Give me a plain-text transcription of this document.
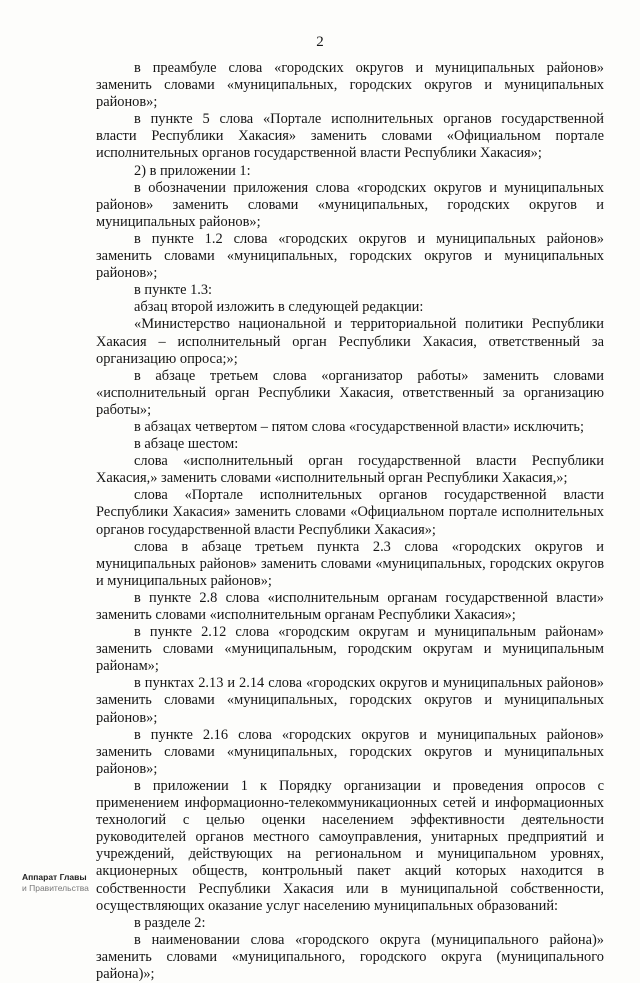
2

в преамбуле слова «городских округов и муниципальных районов» заменить словами «муниципальных, городских округов и муниципальных районов»;

в пункте 5 слова «Портале исполнительных органов государственной власти Республики Хакасия» заменить словами «Официальном портале исполнительных органов государственной власти Республики Хакасия»;

2) в приложении 1:

в обозначении приложения слова «городских округов и муниципальных районов» заменить словами «муниципальных, городских округов и муниципальных районов»;

в пункте 1.2 слова «городских округов и муниципальных районов» заменить словами «муниципальных, городских округов и муниципальных районов»;

в пункте 1.3:

абзац второй изложить в следующей редакции:

«Министерство национальной и территориальной политики Республики Хакасия – исполнительный орган Республики Хакасия, ответственный за организацию опроса;»;

в абзаце третьем слова «организатор работы» заменить словами «исполнительный орган Республики Хакасия, ответственный за организацию работы»;

в абзацах четвертом – пятом слова «государственной власти» исключить;

в абзаце шестом:

слова «исполнительный орган государственной власти Республики Хакасия,» заменить словами «исполнительный орган Республики Хакасия,»;

слова «Портале исполнительных органов государственной власти Республики Хакасия» заменить словами «Официальном портале исполнительных органов государственной власти Республики Хакасия»;

слова в абзаце третьем пункта 2.3 слова «городских округов и муниципальных районов» заменить словами «муниципальных, городских округов и муниципальных районов»;

в пункте 2.8 слова «исполнительным органам государственной власти» заменить словами «исполнительным органам Республики Хакасия»;

в пункте 2.12 слова «городским округам и муниципальным районам» заменить словами «муниципальным, городским округам и муниципальным районам»;

в пунктах 2.13 и 2.14 слова «городских округов и муниципальных районов» заменить словами «муниципальных, городских округов и муниципальных районов»;

в пункте 2.16 слова «городских округов и муниципальных районов» заменить словами «муниципальных, городских округов и муниципальных районов»;

в приложении 1 к Порядку организации и проведения опросов с применением информационно-телекоммуникационных сетей и информационных технологий с целью оценки населением эффективности деятельности руководителей органов местного самоуправления, унитарных предприятий и учреждений, действующих на региональном и муниципальном уровнях, акционерных обществ, контрольный пакет акций которых находится в собственности Республики Хакасия или в муниципальной собственности, осуществляющих оказание услуг населению муниципальных образований:

в разделе 2:

в наименовании слова «городского округа (муниципального района)» заменить словами «муниципального, городского округа (муниципального района)»;

Аппарат Главы
и Правительства
